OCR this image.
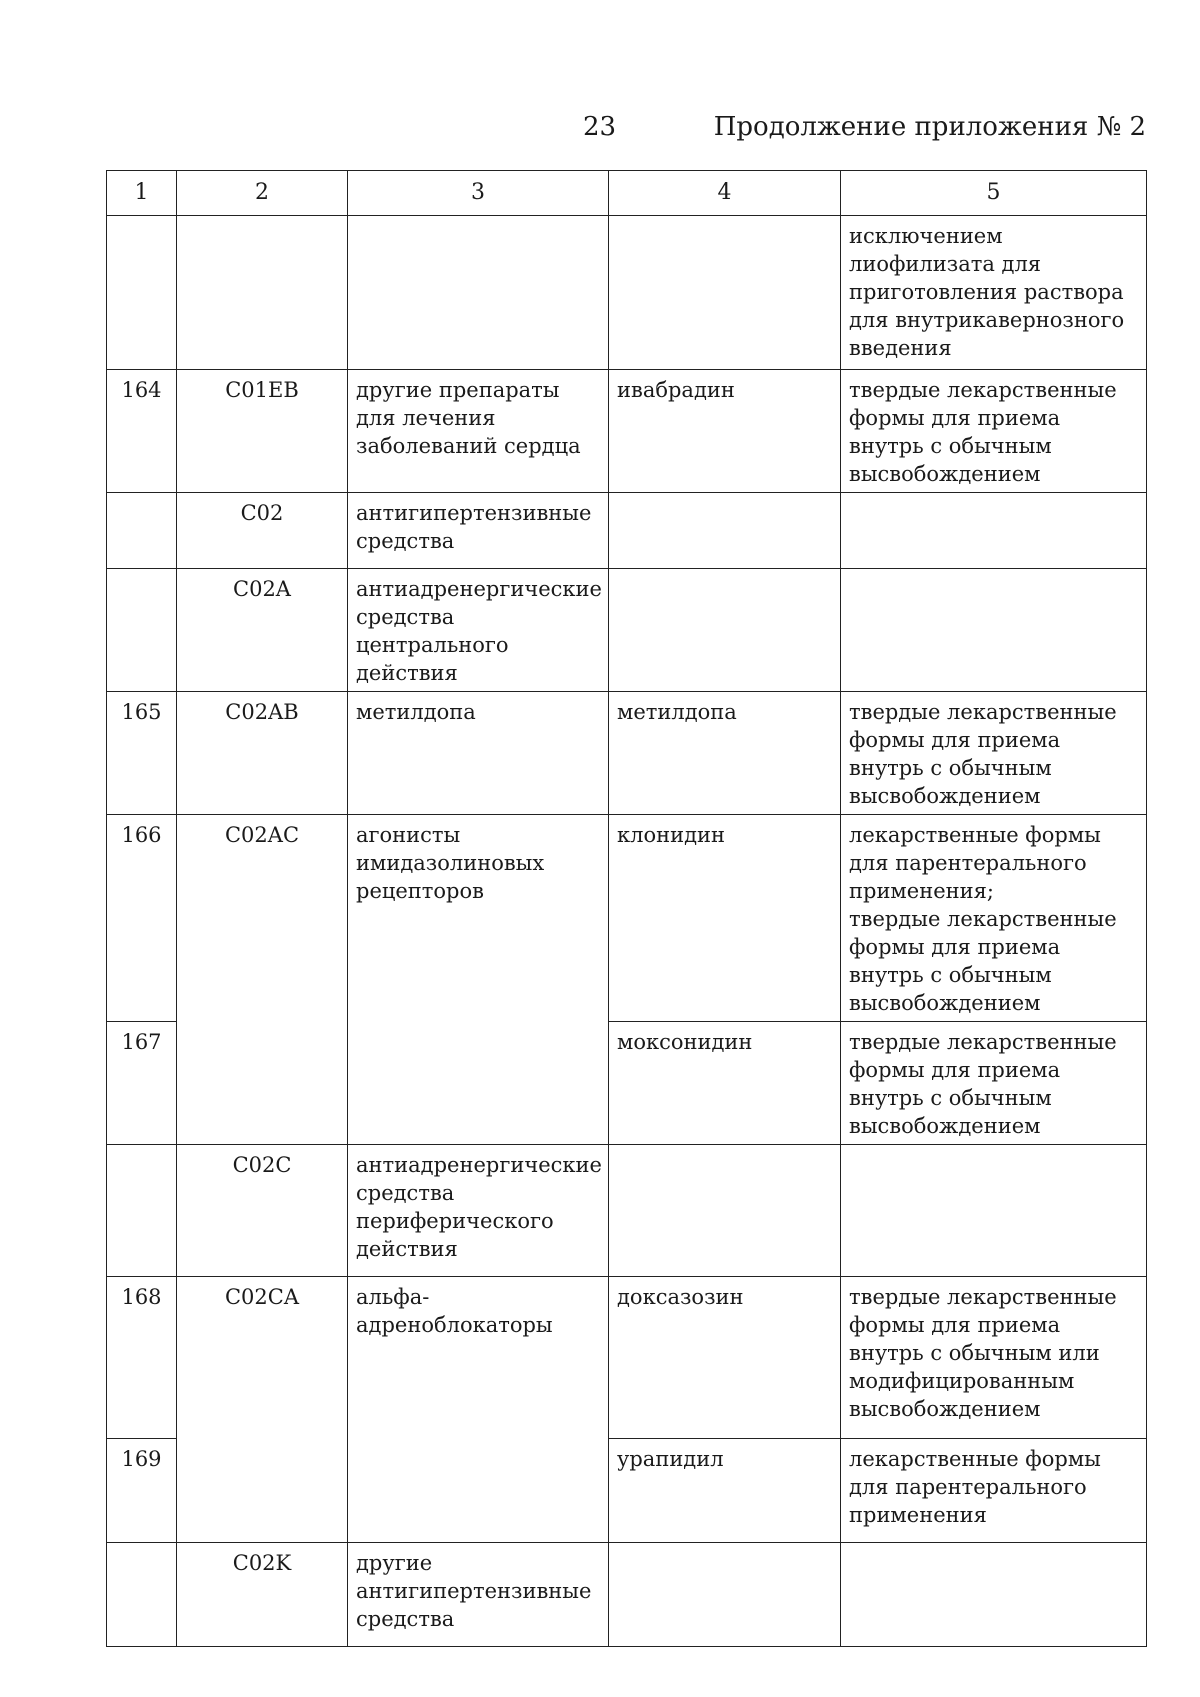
23	Продолжение приложения № 2
1	2	3	4	5
				исключением лиофилизата для приготовления раствора для внутрикавернозного введения
164	C01EB	другие препараты для лечения заболеваний сердца	ивабрадин	твердые лекарственные формы для приема внутрь с обычным высвобождением
	C02	антигипертензивные средства		
	C02A	антиадренергические средства центрального действия		
165	C02AB	метилдопа	метилдопа	твердые лекарственные формы для приема внутрь с обычным высвобождением
166	C02AC	агонисты имидазолиновых рецепторов	клонидин	лекарственные формы для парентерального применения;
твердые лекарственные формы для приема внутрь с обычным высвобождением

167			моксонидин	твердые лекарственные формы для приема внутрь с обычным высвобождением
	C02C	антиадренергические средства периферического действия		
168	C02CA	альфа-адреноблокаторы	доксазозин	твердые лекарственные формы для приема внутрь с обычным или модифицированным высвобождением
169			урапидил	лекарственные формы для парентерального применения
	C02K	другие антигипертензивные средства		
